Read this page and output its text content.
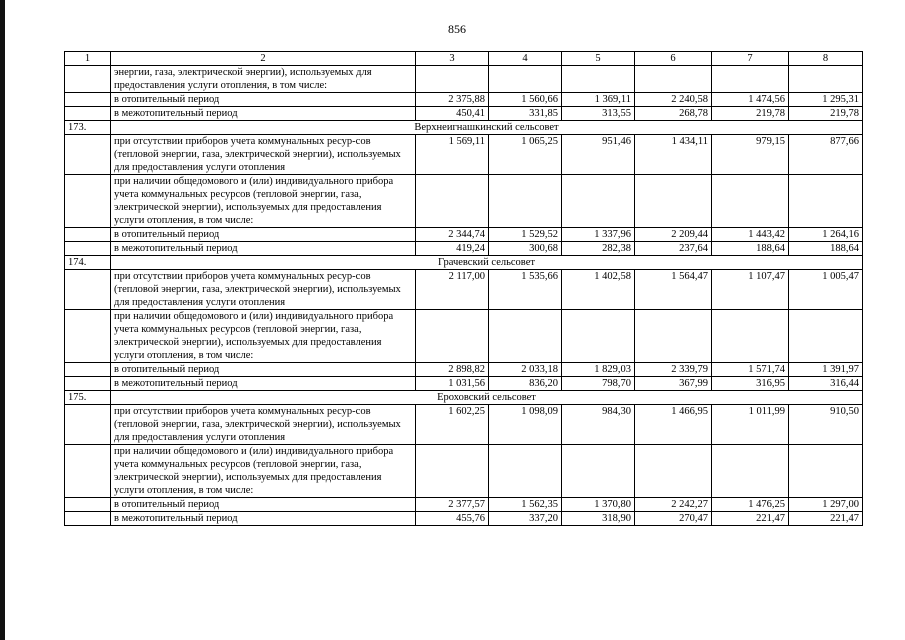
856
1	2	3	4	5	6	7	8
	энергии, газа, электрической энергии), используемых для предоставления услуги отопления, в том числе:						
	в отопительный период	2 375,88	1 560,66	1 369,11	2 240,58	1 474,56	1 295,31
	в межотопительный период	450,41	331,85	313,55	268,78	219,78	219,78
173.	Верхнеигнашкинский сельсовет						
	при отсутствии приборов учета коммунальных ресур-сов (тепловой энергии, газа, электрической энергии), используемых для предоставления услуги отопления	1 569,11	1 065,25	951,46	1 434,11	979,15	877,66
	при наличии общедомового и (или) индивидуального прибора учета коммунальных ресурсов (тепловой энергии, газа, электрической энергии), используемых для предоставления услуги отопления, в том числе:						
	в отопительный период	2 344,74	1 529,52	1 337,96	2 209,44	1 443,42	1 264,16
	в межотопительный период	419,24	300,68	282,38	237,64	188,64	188,64
174.	Грачевский сельсовет						
	при отсутствии приборов учета коммунальных ресур-сов (тепловой энергии, газа, электрической энергии), используемых для предоставления услуги отопления	2 117,00	1 535,66	1 402,58	1 564,47	1 107,47	1 005,47
	при наличии общедомового и (или) индивидуального прибора учета коммунальных ресурсов (тепловой энергии, газа, электрической энергии), используемых для предоставления услуги отопления, в том числе:						
	в отопительный период	2 898,82	2 033,18	1 829,03	2 339,79	1 571,74	1 391,97
	в межотопительный период	1 031,56	836,20	798,70	367,99	316,95	316,44
175.	Ероховский сельсовет						
	при отсутствии приборов учета коммунальных ресур-сов (тепловой энергии, газа, электрической энергии), используемых для предоставления услуги отопления	1 602,25	1 098,09	984,30	1 466,95	1 011,99	910,50
	при наличии общедомового и (или) индивидуального прибора учета коммунальных ресурсов (тепловой энергии, газа, электрической энергии), используемых для предоставления услуги отопления, в том числе:						
	в отопительный период	2 377,57	1 562,35	1 370,80	2 242,27	1 476,25	1 297,00
	в межотопительный период	455,76	337,20	318,90	270,47	221,47	221,47
